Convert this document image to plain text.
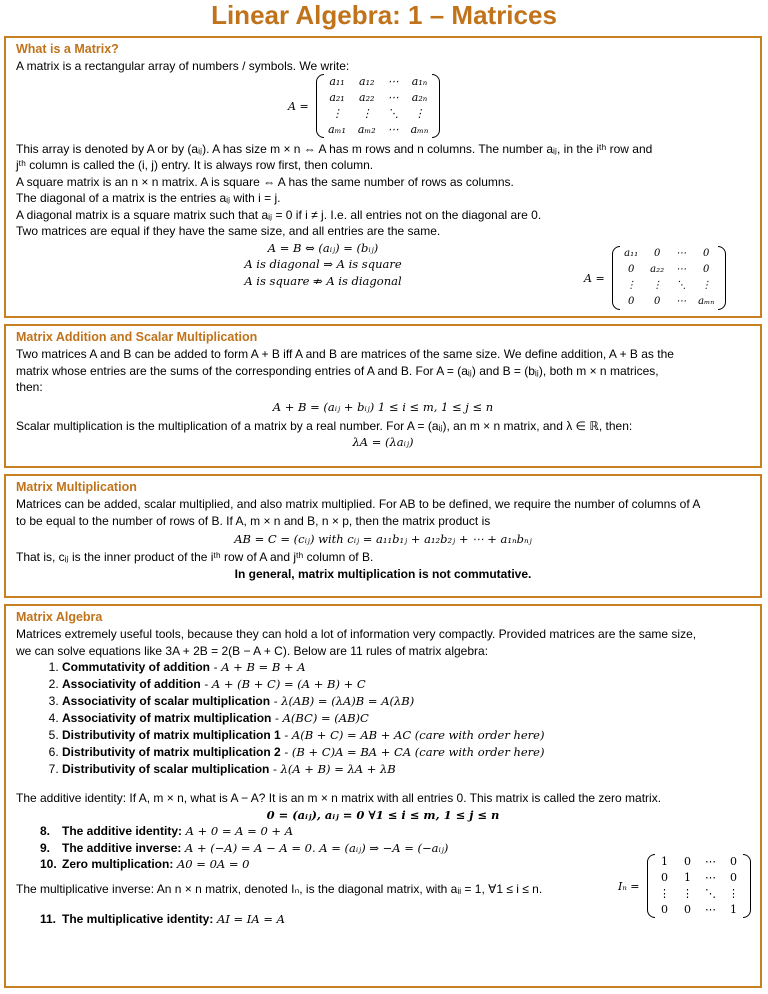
Linear Algebra: 1 – Matrices
What is a Matrix?
A matrix is a rectangular array of numbers / symbols. We write:
This array is denoted by A or by (aᵢⱼ). A has size m × n ⇔ A has m rows and n columns. The number aᵢⱼ, in the iᵗʰ row and
jᵗʰ column is called the (i, j) entry. It is always row first, then column.
A square matrix is an n × n matrix. A is square ⇔ A has the same number of rows as columns.
The diagonal of a matrix is the entries aᵢⱼ with i = j.
A diagonal matrix is a square matrix such that aᵢⱼ = 0 if i ≠ j. I.e. all entries not on the diagonal are 0.
Two matrices are equal if they have the same size, and all entries are the same.
A = B ⇔ (aᵢⱼ) = (bᵢⱼ)
A is diagonal ⇒ A is square
A is square ⇏ A is diagonal
A =
a₁₁	a₁₂	⋯	a₁ₙ
a₂₁	a₂₂	⋯	a₂ₙ
⋮	⋮	⋱	⋮
aₘ₁	aₘ₂	⋯	aₘₙ
A =
a₁₁	0	⋯	0
0	a₂₂	⋯	0
⋮	⋮	⋱	⋮
0	0	⋯	aₘₙ
Matrix Addition and Scalar Multiplication
Two matrices A and B can be added to form A + B iff A and B are matrices of the same size. We define addition, A + B as the
matrix whose entries are the sums of the corresponding entries of A and B. For A = (aᵢⱼ) and B = (bᵢⱼ), both m × n matrices,
then:
A + B = (aᵢⱼ + bᵢⱼ) 1 ≤ i ≤ m, 1 ≤ j ≤ n
Scalar multiplication is the multiplication of a matrix by a real number. For A = (aᵢⱼ), an m × n matrix, and λ ∈ ℝ, then:
λA = (λaᵢⱼ)
Matrix Multiplication
Matrices can be added, scalar multiplied, and also matrix multiplied. For AB to be defined, we require the number of columns of A
to be equal to the number of rows of B. If A, m × n and B, n × p, then the matrix product is
AB = C = (cᵢⱼ) with cᵢⱼ = a₁₁b₁ⱼ + a₁₂b₂ⱼ + ⋯ + a₁ₙbₙⱼ
That is, cᵢⱼ is the inner product of the iᵗʰ row of A and jᵗʰ column of B.
In general, matrix multiplication is not commutative.
Matrix Algebra
Matrices extremely useful tools, because they can hold a lot of information very compactly. Provided matrices are the same size,
we can solve equations like 3A + 2B = 2(B − A + C). Below are 11 rules of matrix algebra:
1. Commutativity of addition - A + B = B + A
2. Associativity of addition - A + (B + C) = (A + B) + C
3. Associativity of scalar multiplication - λ(AB) = (λA)B = A(λB)
4. Associativity of matrix multiplication - A(BC) = (AB)C
5. Distributivity of matrix multiplication 1 - A(B + C) = AB + AC (care with order here)
6. Distributivity of matrix multiplication 2 - (B + C)A = BA + CA (care with order here)
7. Distributivity of scalar multiplication - λ(A + B) = λA + λB
The additive identity: If A, m × n, what is A − A? It is an m × n matrix with all entries 0. This matrix is called the zero matrix.
0 = (aᵢⱼ), aᵢⱼ = 0 ∀1 ≤ i ≤ m, 1 ≤ j ≤ n
8. The additive identity: A + 0 = A = 0 + A
9. The additive inverse: A + (−A) = A − A = 0. A = (aᵢⱼ) ⇒ −A = (−aᵢⱼ)
10. Zero multiplication: A0 = 0A = 0
The multiplicative inverse: An n × n matrix, denoted Iₙ, is the diagonal matrix, with aᵢᵢ = 1, ∀1 ≤ i ≤ n.
11. The multiplicative identity: AI = IA = A
Iₙ =
1	0	⋯	0
0	1	⋯	0
⋮	⋮	⋱	⋮
0	0	⋯	1
